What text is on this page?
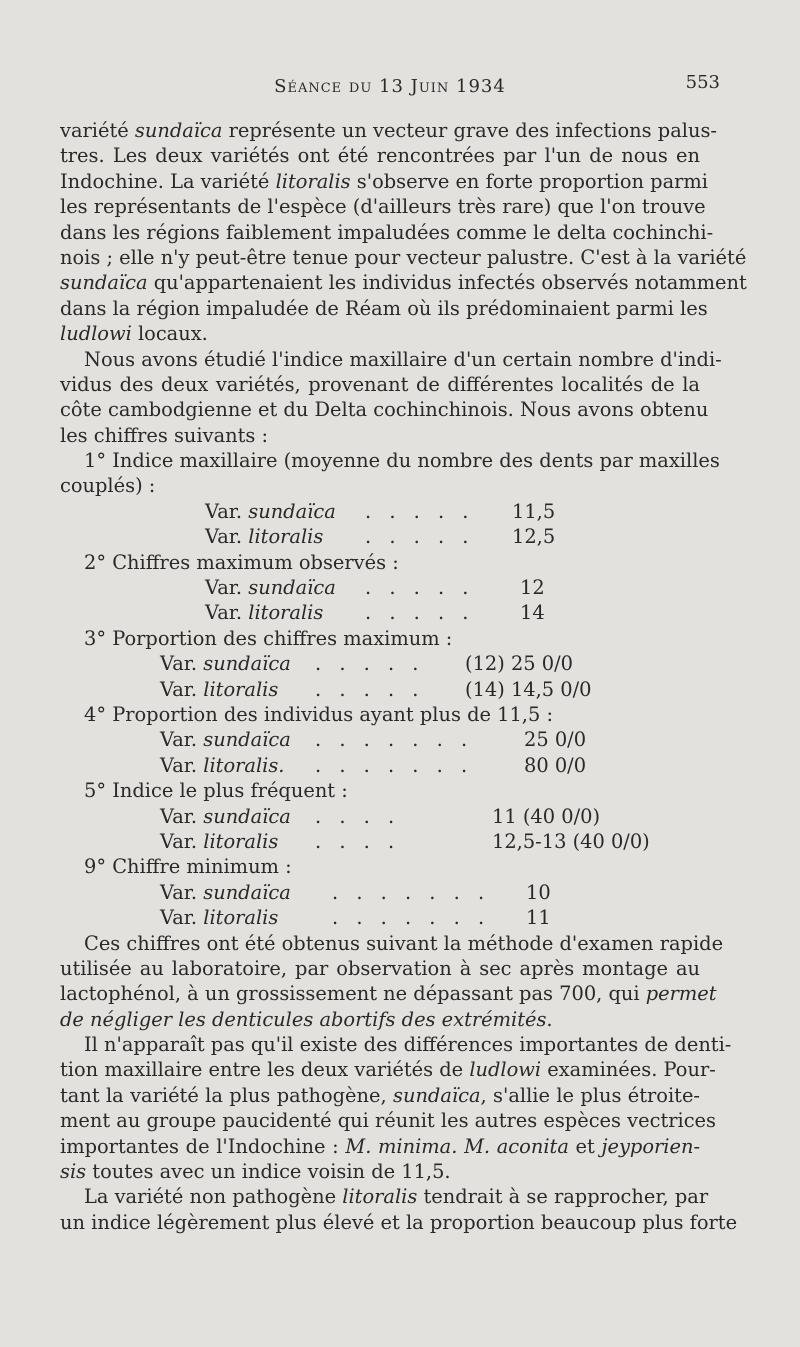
Séance du 13 Juin 1934	553
variété sundaïca représente un vecteur grave des infections palus-
tres. Les deux variétés ont été rencontrées par l'un de nous en
Indochine. La variété litoralis s'observe en forte proportion parmi
les représentants de l'espèce (d'ailleurs très rare) que l'on trouve
dans les régions faiblement impaludées comme le delta cochinchi-
nois ; elle n'y peut-être tenue pour vecteur palustre. C'est à la variété
sundaïca qu'appartenaient les individus infectés observés notamment
dans la région impaludée de Réam où ils prédominaient parmi les
ludlowi locaux.
Nous avons étudié l'indice maxillaire d'un certain nombre d'indi-
vidus des deux variétés, provenant de différentes localités de la
côte cambodgienne et du Delta cochinchinois. Nous avons obtenu
les chiffres suivants :
1° Indice maxillaire (moyenne du nombre des dents par maxilles
couplés) :
Var. sundaïca . . . . . 11,5
Var. litoralis . . . . . 12,5
2° Chiffres maximum observés :
Var. sundaïca . . . . . 12
Var. litoralis . . . . . 14
3° Porportion des chiffres maximum :
Var. sundaïca . . . . . (12) 25 0/0
Var. litoralis . . . . . (14) 14,5 0/0
4° Proportion des individus ayant plus de 11,5 :
Var. sundaïca . . . . . . .	25 0/0
Var. litoralis. . . . . . . .	80 0/0
5° Indice le plus fréquent :
Var. sundaïca . . . .	11 (40 0/0)
Var. litoralis . . . .	12,5-13 (40 0/0)
9° Chiffre minimum :
Var. sundaïca . . . . . . . 10
Var. litoralis	. . . . . . . 11
Ces chiffres ont été obtenus suivant la méthode d'examen rapide
utilisée au laboratoire, par observation à sec après montage au
lactophénol, à un grossissement ne dépassant pas 700, qui permet
de négliger les denticules abortifs des extrémités.
Il n'apparaît pas qu'il existe des différences importantes de denti-
tion maxillaire entre les deux variétés de ludlowi examinées. Pour-
tant la variété la plus pathogène, sundaïca, s'allie le plus étroite-
ment au groupe paucidenté qui réunit les autres espèces vectrices
importantes de l'Indochine : M. minima. M. aconita et jeyporien-
sis toutes avec un indice voisin de 11,5.
La variété non pathogène litoralis tendrait à se rapprocher, par
un indice légèrement plus élevé et la proportion beaucoup plus forte
